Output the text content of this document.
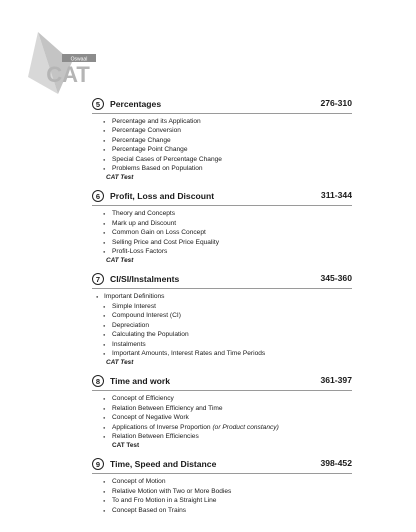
Oswaal
CAT
5	Percentages	276-310
● Percentage and its Application
● Percentage Conversion
● Percentage Change
● Percentage Point Change
● Special Cases of Percentage Change
● Problems Based on Population
CAT Test
6	Profit, Loss and Discount	311-344
● Theory and Concepts
● Mark up and Discount
● Common Gain on Loss Concept
● Selling Price and Cost Price Equality
● Profit-Loss Factors
CAT Test
7	CI/SI/Instalments	345-360
● Important Definitions
● Simple Interest
● Compound Interest (CI)
● Depreciation
● Calculating the Population
● Instalments
● Important Amounts, Interest Rates and Time Periods
CAT Test
8	Time and work	361-397
● Concept of Efficiency
● Relation Between Efficiency and Time
● Concept of Negative Work
● Applications of Inverse Proportion (or Product constancy)
● Relation Between Efficiencies
CAT Test
9	Time, Speed and Distance	398-452
● Concept of Motion
● Relative Motion with Two or More Bodies
● To and Fro Motion in a Straight Line
● Concept Based on Trains
